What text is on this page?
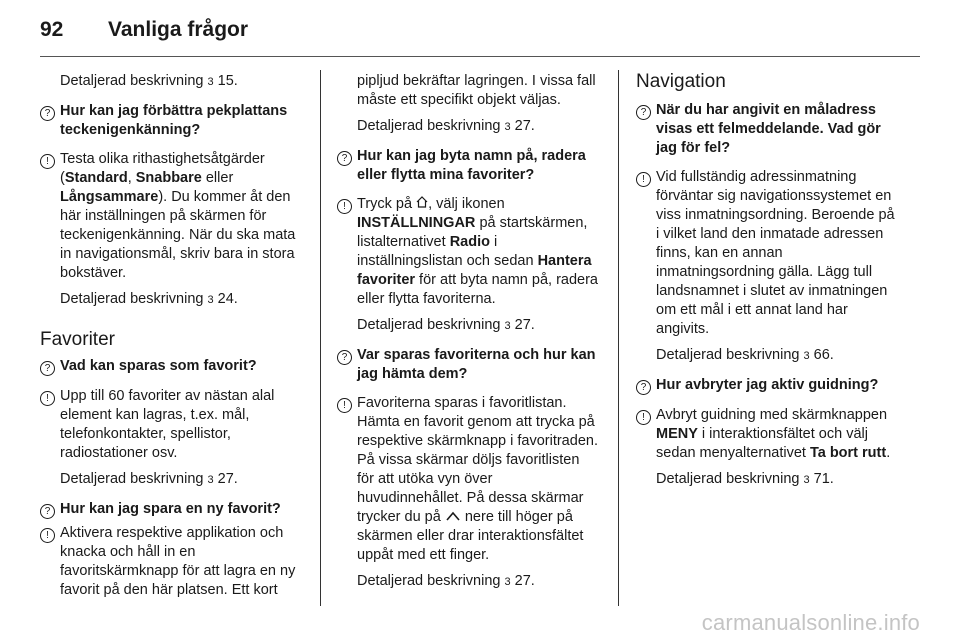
92 Vanliga frågor
Detaljerad beskrivning 3 15.
? Hur kan jag förbättra pekplattans teckenigenkänning?
! Testa olika rithastighetsåtgärder (Standard, Snabbare eller Långsammare). Du kommer åt den här inställningen på skärmen för teckenigenkänning. När du ska mata in navigationsmål, skriv bara in stora bokstäver.
Detaljerad beskrivning 3 24.
Favoriter
? Vad kan sparas som favorit?
! Upp till 60 favoriter av nästan alal element kan lagras, t.ex. mål, telefonkontakter, spellistor, radiostationer osv.
Detaljerad beskrivning 3 27.
? Hur kan jag spara en ny favorit?
! Aktivera respektive applikation och knacka och håll in en favoritskärmknapp för att lagra en ny favorit på den här platsen. Ett kort
pipljud bekräftar lagringen. I vissa fall måste ett specifikt objekt väljas.
Detaljerad beskrivning 3 27.
? Hur kan jag byta namn på, radera eller flytta mina favoriter?
! Tryck på , välj ikonen INSTÄLLNINGAR på startskärmen, listalternativet Radio i inställningslistan och sedan Hantera favoriter för att byta namn på, radera eller flytta favoriterna.
Detaljerad beskrivning 3 27.
? Var sparas favoriterna och hur kan jag hämta dem?
! Favoriterna sparas i favoritlistan. Hämta en favorit genom att trycka på respektive skärmknapp i favoritraden. På vissa skärmar döljs favoritlisten för att utöka vyn över huvudinnehållet. På dessa skärmar trycker du på  nere till höger på skärmen eller drar interaktionsfältet uppåt med ett finger.
Detaljerad beskrivning 3 27.
Navigation
? När du har angivit en måladress visas ett felmeddelande. Vad gör jag för fel?
! Vid fullständig adressinmatning förväntar sig navigationssystemet en viss inmatningsordning. Beroende på i vilket land den inmatade adressen finns, kan en annan inmatningsordning gälla. Lägg tull landsnamnet i slutet av inmatningen om ett mål i ett annat land har angivits.
Detaljerad beskrivning 3 66.
? Hur avbryter jag aktiv guidning?
! Avbryt guidning med skärmknappen MENY i interaktionsfältet och välj sedan menyalternativet Ta bort rutt.
Detaljerad beskrivning 3 71.
carmanualsonline.info
